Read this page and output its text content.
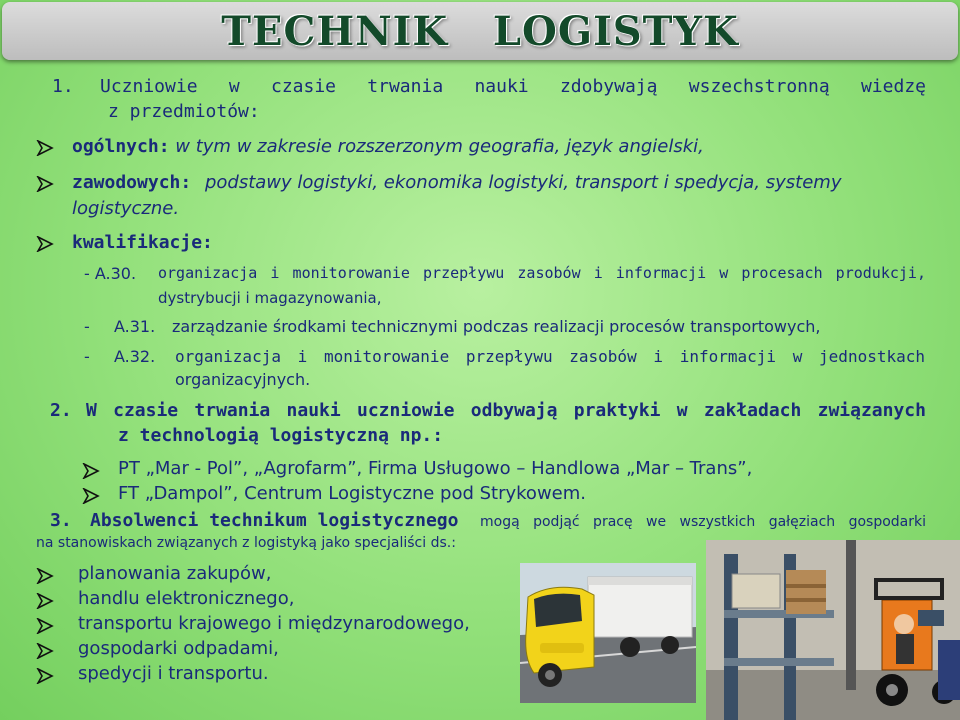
TECHNIK   LOGISTYK
1. Uczniowie w czasie trwania nauki zdobywają wszechstronną wiedzę
z przedmiotów:
ogólnych: w tym w zakresie rozszerzonym geografia, język angielski,
zawodowych: podstawy logistyki, ekonomika logistyki, transport i spedycja, systemy
logistyczne.
kwalifikacje:
- A.30. organizacja i monitorowanie przepływu zasobów i informacji w procesach produkcji,
dystrybucji i magazynowania,
- A.31. zarządzanie środkami technicznymi podczas realizacji procesów transportowych,
- A.32. organizacja i monitorowanie przepływu zasobów i informacji w jednostkach
organizacyjnych.
2. W czasie trwania nauki uczniowie odbywają praktyki w zakładach związanych
z technologią logistyczną np.:
PT „Mar - Pol”, „Agrofarm”, Firma Usługowo – Handlowa „Mar – Trans”,
FT „Dampol”, Centrum Logistyczne pod Strykowem.
3. Absolwenci technikum logistycznego mogą podjąć pracę we wszystkich gałęziach gospodarki
na stanowiskach związanych z logistyką jako specjaliści ds.:
planowania zakupów,
handlu elektronicznego,
transportu krajowego i międzynarodowego,
gospodarki odpadami,
spedycji i transportu.
